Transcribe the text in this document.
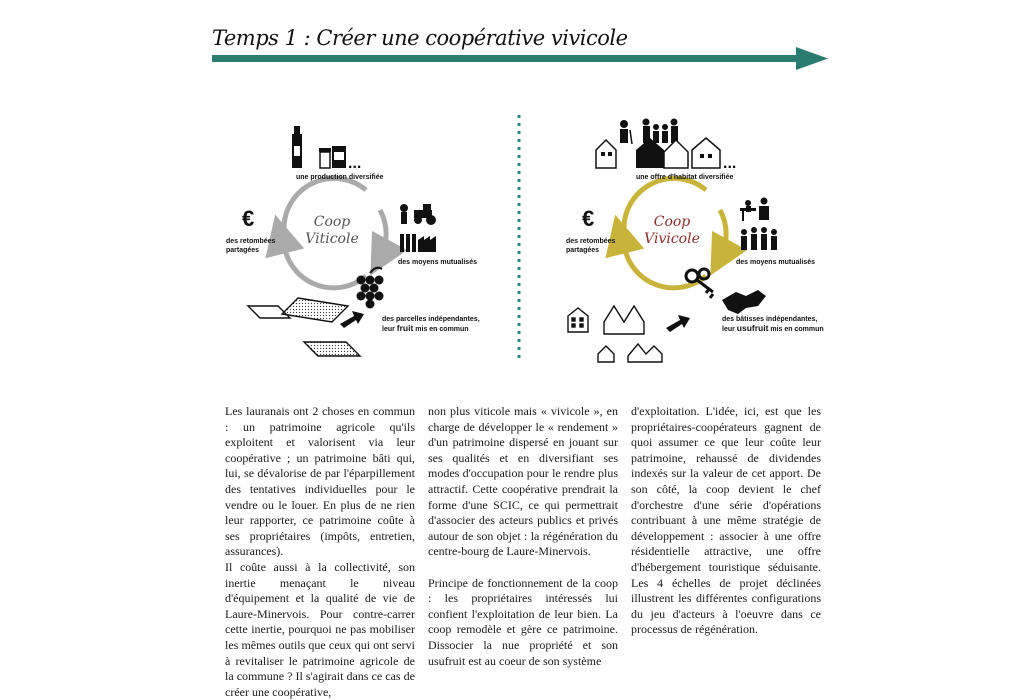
Temps 1 : Créer une coopérative vivicole
Coop
Viticole
...
une production diversifiée
€
des retombées
partagées
des moyens mutualisés
des parcelles indépendantes,
leur fruit mis en commun
Coop
Vivicole
...
une offre d'habitat diversifiée
€
des retombées
partagées
des moyens mutualisés
des bâtisses indépendantes,
leur usufruit mis en commun

Les lauranais ont 2 choses en commun : un patrimoine agricole qu'ils exploitent et valorisent via leur coopérative ; un patrimoine bâti qui, lui, se dévalorise de par l'éparpillement des tentatives individuelles pour le vendre ou le louer. En plus de ne rien leur rapporter, ce patrimoine coûte à ses propriétaires (impôts, entretien, assurances).

Il coûte aussi à la collectivité, son inertie menaçant le niveau d'équipement et la qualité de vie de Laure-Minervois. Pour contre-carrer cette inertie, pourquoi ne pas mobiliser les mêmes outils que ceux qui ont servi à revitaliser le patrimoine agricole de la commune ? Il s'agirait dans ce cas de créer une coopérative,

non plus viticole mais « vivicole », en charge de développer le « rendement » d'un patrimoine dispersé en jouant sur ses qualités et en diversifiant ses modes d'occupation pour le rendre plus attractif. Cette coopérative prendrait la forme d'une SCIC, ce qui permettrait d'associer des acteurs publics et privés autour de son objet : la régénération du centre-bourg de Laure-Minervois.

Principe de fonctionnement de la coop : les propriétaires intéressés lui confient l'exploitation de leur bien. La coop remodèle et gère ce patrimoine. Dissocier la nue propriété et son usufruit est au coeur de son système

d'exploitation. L'idée, ici, est que les propriétaires-coopérateurs gagnent de quoi assumer ce que leur coûte leur patrimoine, rehaussé de dividendes indexés sur la valeur de cet apport. De son côté, la coop devient le chef d'orchestre d'une série d'opérations contribuant à une même stratégie de développement : associer à une offre résidentielle attractive, une offre d'hébergement touristique séduisante. Les 4 échelles de projet déclinées illustrent les différentes configurations du jeu d'acteurs à l'oeuvre dans ce processus de régénération.
